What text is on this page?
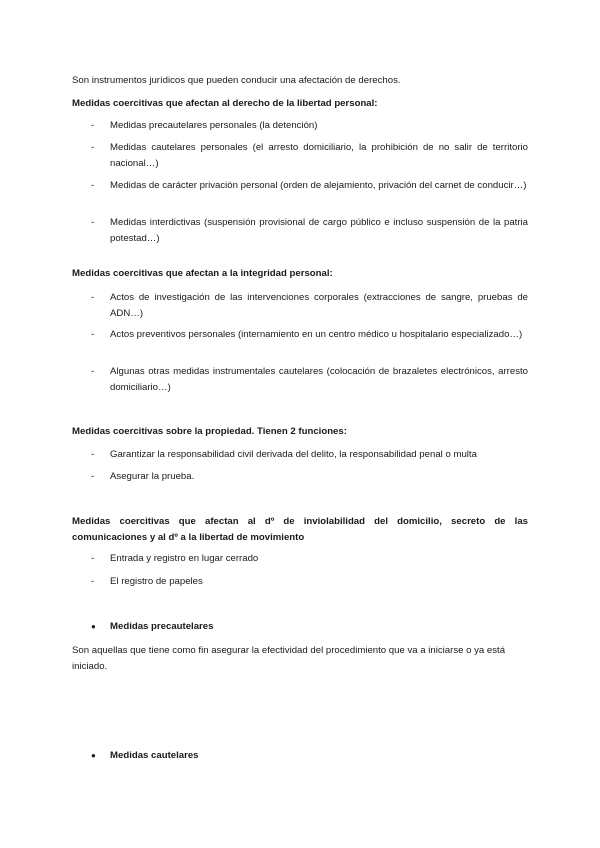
Son instrumentos jurídicos que pueden conducir una afectación de derechos.

Medidas coercitivas que afectan al derecho de la libertad personal:

- Medidas precautelares personales (la detención)
- Medidas cautelares personales (el arresto domiciliario, la prohibición de no salir de territorio nacional…)
- Medidas de carácter privación personal (orden de alejamiento, privación del carnet de conducir…)
- Medidas interdictivas (suspensión provisional de cargo público e incluso suspensión de la patria potestad…)

Medidas coercitivas que afectan a la integridad personal:

- Actos de investigación de las intervenciones corporales (extracciones de sangre, pruebas de ADN…)
- Actos preventivos personales (internamiento en un centro médico u hospitalario especializado…)
- Algunas otras medidas instrumentales cautelares (colocación de brazaletes electrónicos, arresto domiciliario…)

Medidas coercitivas sobre la propiedad. Tienen 2 funciones:

- Garantizar la responsabilidad civil derivada del delito, la responsabilidad penal o multa
- Asegurar la prueba.

Medidas coercitivas que afectan al dº de inviolabilidad del domicilio, secreto de las comunicaciones y al dº a la libertad de movimiento

- Entrada y registro en lugar cerrado
- El registro de papeles
● Medidas precautelares

Son aquellas que tiene como fin asegurar la efectividad del procedimiento que va a iniciarse o ya está iniciado.

● Medidas cautelares
